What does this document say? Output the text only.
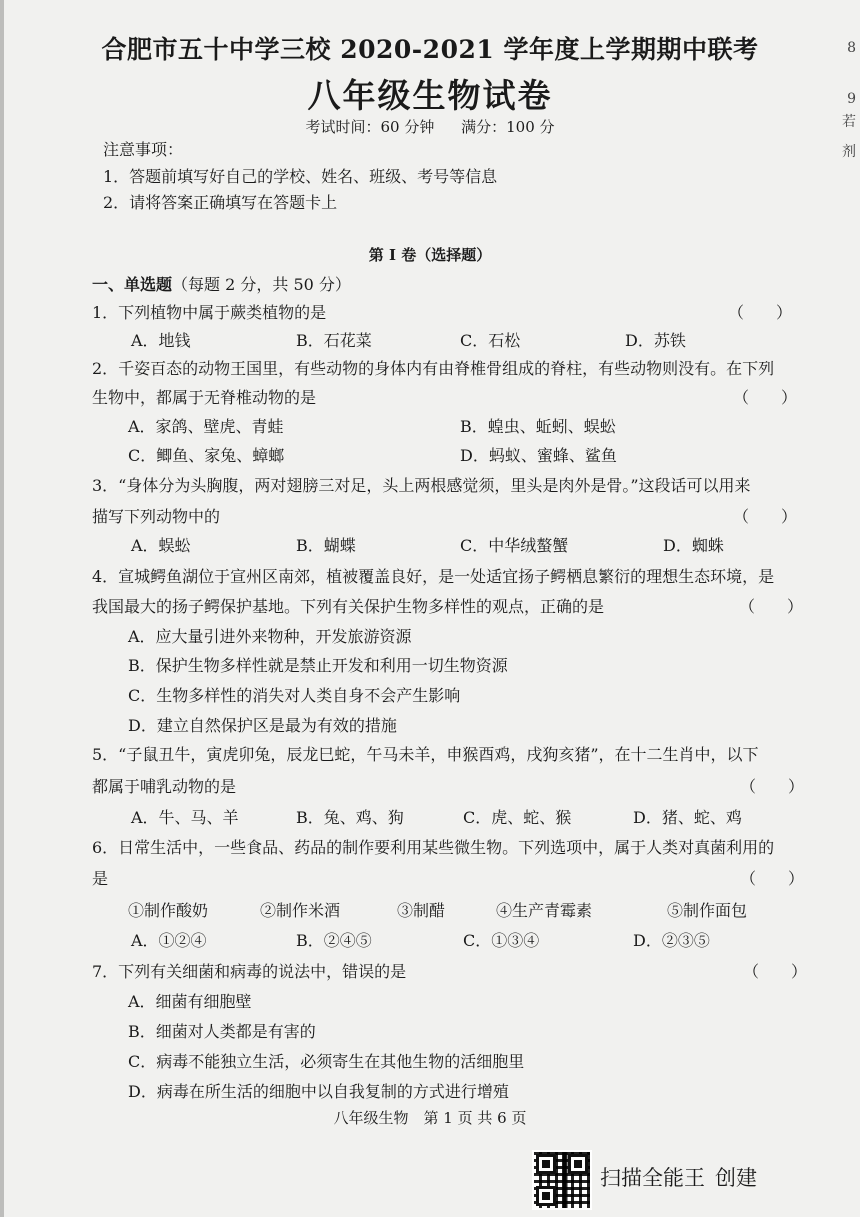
8
9
若
剂
合肥市五十中学三校 2020-2021 学年度上学期期中联考
八年级生物试卷
考试时间：60 分钟 满分：100 分
注意事项：
1．答题前填写好自己的学校、姓名、班级、考号等信息
2．请将答案正确填写在答题卡上
第 I 卷（选择题）
一、单选题（每题 2 分，共 50 分）
1．下列植物中属于蕨类植物的是	（　　）
A．地钱	B．石花菜	C．石松	D．苏铁
2．千姿百态的动物王国里，有些动物的身体内有由脊椎骨组成的脊柱，有些动物则没有。在下列
生物中，都属于无脊椎动物的是	（　　）
A．家鸽、壁虎、青蛙	B．蝗虫、蚯蚓、蜈蚣
C．鲫鱼、家兔、蟑螂	D．蚂蚁、蜜蜂、鲨鱼
3．“身体分为头胸腹，两对翅膀三对足，头上两根感觉须，里头是肉外是骨。”这段话可以用来
描写下列动物中的	（　　）
A．蜈蚣	B．蝴蝶	C．中华绒螯蟹	D．蜘蛛
4．宣城鳄鱼湖位于宣州区南郊，植被覆盖良好，是一处适宜扬子鳄栖息繁衍的理想生态环境，是
我国最大的扬子鳄保护基地。下列有关保护生物多样性的观点，正确的是	（　　）
A．应大量引进外来物种，开发旅游资源
B．保护生物多样性就是禁止开发和利用一切生物资源
C．生物多样性的消失对人类自身不会产生影响
D．建立自然保护区是最为有效的措施
5．“子鼠丑牛，寅虎卯兔，辰龙巳蛇，午马未羊，申猴酉鸡，戌狗亥猪”，在十二生肖中，以下
都属于哺乳动物的是	（　　）
A．牛、马、羊	B．兔、鸡、狗	C．虎、蛇、猴	D．猪、蛇、鸡
6．日常生活中，一些食品、药品的制作要利用某些微生物。下列选项中，属于人类对真菌利用的
是	（　　）
①制作酸奶	②制作米酒	③制醋	④生产青霉素	⑤制作面包
A．①②④	B．②④⑤	C．①③④	D．②③⑤
7．下列有关细菌和病毒的说法中，错误的是	（　　）
A．细菌有细胞壁
B．细菌对人类都是有害的
C．病毒不能独立生活，必须寄生在其他生物的活细胞里
D．病毒在所生活的细胞中以自我复制的方式进行增殖
八年级生物　第 1 页 共 6 页
扫描全能王 创建
